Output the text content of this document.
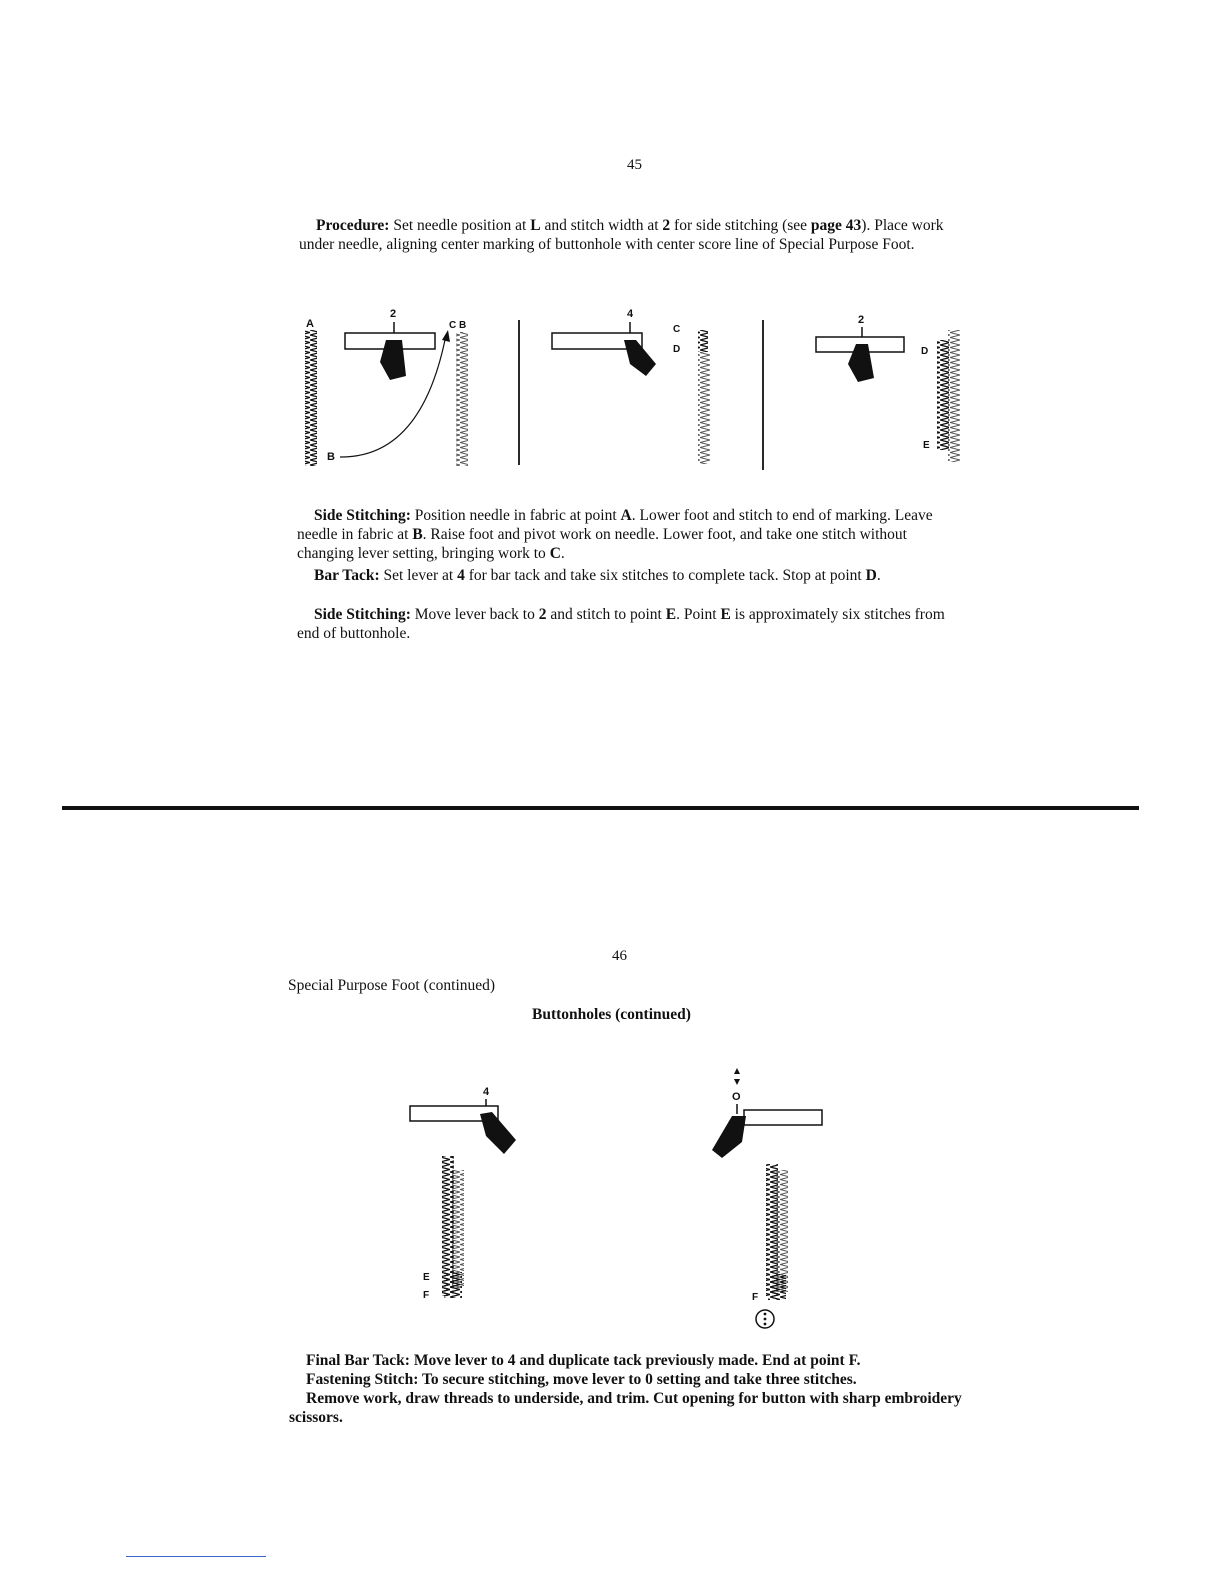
45

Procedure: Set needle position at L and stitch width at 2 for side stitching (see page 43). Place work under needle, aligning center marking of buttonhole with center score line of Special Purpose Foot.

A
B
2
C B
4
C
D
2
D
E

Side Stitching: Position needle in fabric at point A. Lower foot and stitch to end of marking. Leave needle in fabric at B. Raise foot and pivot work on needle. Lower foot, and take one stitch without changing lever setting, bringing work to C.

Bar Tack: Set lever at 4 for bar tack and take six stitches to complete tack. Stop at point D.

Side Stitching: Move lever back to 2 and stitch to point E. Point E is approximately six stitches from end of buttonhole.

46
Special Purpose Foot (continued)
Buttonholes (continued)
4
E
F
O
F

Final Bar Tack: Move lever to 4 and duplicate tack previously made. End at point F.

Fastening Stitch: To secure stitching, move lever to 0 setting and take three stitches.

Remove work, draw threads to underside, and trim. Cut opening for button with sharp embroidery scissors.
